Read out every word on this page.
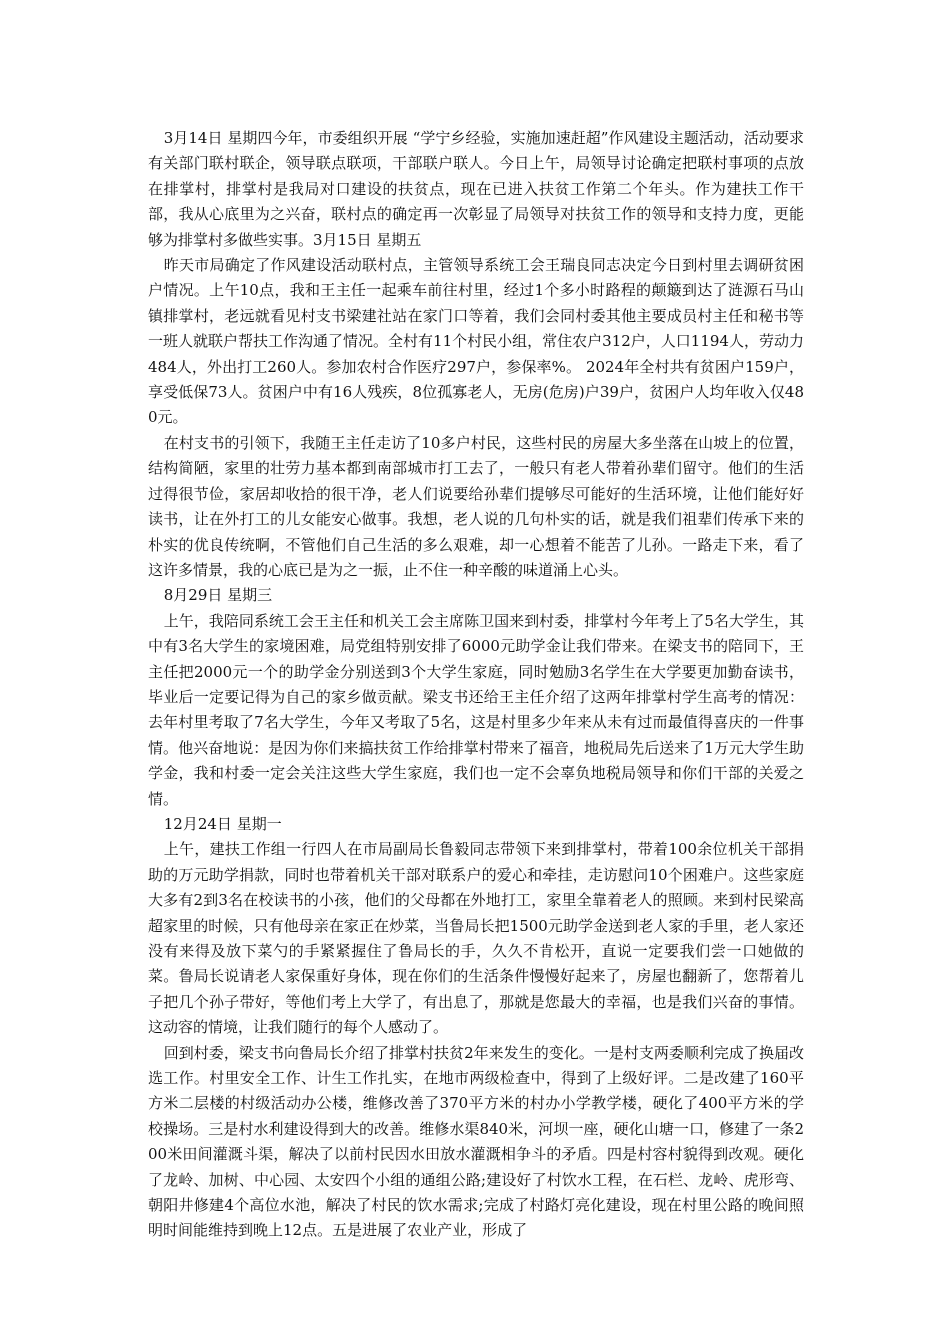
3月14日 星期四今年，市委组织开展 “学宁乡经验，实施加速赶超”作风建设主题活动，活动要求有关部门联村联企，领导联点联项，干部联户联人。今日上午，局领导讨论确定把联村事项的点放在排掌村，排掌村是我局对口建设的扶贫点，现在已进入扶贫工作第二个年头。作为建扶工作干部，我从心底里为之兴奋，联村点的确定再一次彰显了局领导对扶贫工作的领导和支持力度，更能够为排掌村多做些实事。3月15日 星期五

昨天市局确定了作风建设活动联村点，主管领导系统工会王瑞良同志决定今日到村里去调研贫困户情况。上午10点，我和王主任一起乘车前往村里，经过1个多小时路程的颠簸到达了涟源石马山镇排掌村，老远就看见村支书梁建社站在家门口等着，我们会同村委其他主要成员村主任和秘书等一班人就联户帮扶工作沟通了情况。全村有11个村民小组，常住农户312户，人口1194人，劳动力484人，外出打工260人。参加农村合作医疗297户，参保率%。 2024年全村共有贫困户159户，享受低保73人。贫困户中有16人残疾，8位孤寡老人，无房(危房)户39户，贫困户人均年收入仅480元。

在村支书的引领下，我随王主任走访了10多户村民，这些村民的房屋大多坐落在山坡上的位置，结构简陋，家里的壮劳力基本都到南部城市打工去了，一般只有老人带着孙辈们留守。他们的生活过得很节俭，家居却收拾的很干净，老人们说要给孙辈们提够尽可能好的生活环境，让他们能好好读书，让在外打工的儿女能安心做事。我想，老人说的几句朴实的话，就是我们祖辈们传承下来的朴实的优良传统啊，不管他们自己生活的多么艰难，却一心想着不能苦了儿孙。一路走下来，看了这许多情景，我的心底已是为之一振，止不住一种辛酸的味道涌上心头。

8月29日 星期三

上午，我陪同系统工会王主任和机关工会主席陈卫国来到村委，排掌村今年考上了5名大学生，其中有3名大学生的家境困难，局党组特别安排了6000元助学金让我们带来。在梁支书的陪同下，王主任把2000元一个的助学金分别送到3个大学生家庭，同时勉励3名学生在大学要更加勤奋读书，毕业后一定要记得为自己的家乡做贡献。梁支书还给王主任介绍了这两年排掌村学生高考的情况：去年村里考取了7名大学生，今年又考取了5名，这是村里多少年来从未有过而最值得喜庆的一件事情。他兴奋地说：是因为你们来搞扶贫工作给排掌村带来了福音，地税局先后送来了1万元大学生助学金，我和村委一定会关注这些大学生家庭，我们也一定不会辜负地税局领导和你们干部的关爱之情。

12月24日 星期一

上午，建扶工作组一行四人在市局副局长鲁毅同志带领下来到排掌村，带着100余位机关干部捐助的万元助学捐款，同时也带着机关干部对联系户的爱心和牵挂，走访慰问10个困难户。这些家庭大多有2到3名在校读书的小孩，他们的父母都在外地打工，家里全靠着老人的照顾。来到村民梁高超家里的时候，只有他母亲在家正在炒菜，当鲁局长把1500元助学金送到老人家的手里，老人家还没有来得及放下菜勺的手紧紧握住了鲁局长的手，久久不肯松开，直说一定要我们尝一口她做的菜。鲁局长说请老人家保重好身体，现在你们的生活条件慢慢好起来了，房屋也翻新了，您帮着儿子把几个孙子带好，等他们考上大学了，有出息了，那就是您最大的幸福，也是我们兴奋的事情。这动容的情境，让我们随行的每个人感动了。

回到村委，梁支书向鲁局长介绍了排掌村扶贫2年来发生的变化。一是村支两委顺利完成了换届改选工作。村里安全工作、计生工作扎实，在地市两级检查中，得到了上级好评。二是改建了160平方米二层楼的村级活动办公楼，维修改善了370平方米的村办小学教学楼，硬化了400平方米的学校操场。三是村水利建设得到大的改善。维修水渠840米，河坝一座，硬化山塘一口，修建了一条200米田间灌溉斗渠，解决了以前村民因水田放水灌溉相争斗的矛盾。四是村容村貌得到改观。硬化了龙岭、加树、中心园、太安四个小组的通组公路;建设好了村饮水工程，在石栏、龙岭、虎形弯、朝阳井修建4个高位水池，解决了村民的饮水需求;完成了村路灯亮化建设，现在村里公路的晚间照明时间能维持到晚上12点。五是进展了农业产业，形成了
